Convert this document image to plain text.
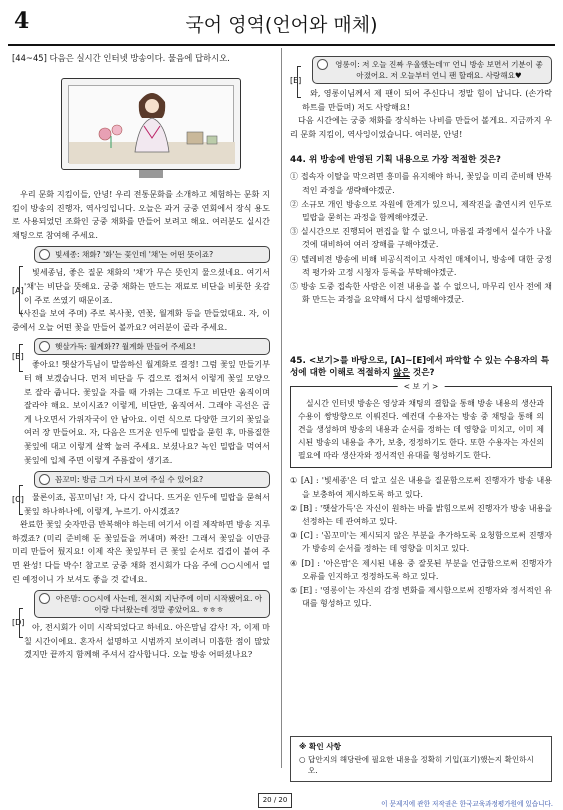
4	국어 영역(언어와 매체)
[44~45] 다음은 실시간 인터넷 방송이다. 물음에 답하시오.

우리 문화 지킴이들, 안녕! 우리 전통문화를 소개하고 체험하는 문화 지킴이 방송의 진행자, 역사잉입니다. 오늘은 과거 궁중 연회에서 장식 용도로 사용되었던 조화인 궁중 채화를 만들어 보려고 해요. 여러분도 실시간 채팅으로 참여해 주세요.

[A]
빛세종: 채화? '화'는 꽃인데 '채'는 어떤 뜻이죠?

빛세종님, 좋은 질문 채화의 '채'가 무슨 뜻인지 물으셨네요. 여기서 '채'는 비단을 뜻해요. 궁중 채화는 만드는 재료로 비단을 비롯한 옷감이 주로 쓰였기 때문이죠.

(사진을 보여 주며) 주로 복사꽃, 연꽃, 월계화 등을 만들었대요. 자, 이 중에서 오늘 어떤 꽃을 만들어 볼까요? 여러분이 골라 주세요.

[B]
햇살가득: 월계화?? 월계화 만들어 주세요!

좋아요! 햇살가득님이 말씀하신 월계화로 결정! 그럼 꽃잎 만들기부터 해 보겠습니다. 먼저 비단을 두 겹으로 접쳐서 이렇게 꽃잎 모양으로 잘라 줍니다. 꽃잎을 자를 때 가위는 그대로 두고 비단만 움직이며 잘라야 해요. 보이시죠? 이렇게, 비단만, 움직여서. 그래야 곡선은 곱게 나오면서 가위자국이 안 남아요. 이런 식으로 다양한 크기의 꽃잎을 여러 장 만들어요. 자, 다음은 뜨거운 인두에 밀랍을 묻힌 후, 마름질한 꽃잎에 대고 이렇게 살짝 눌러 주세요. 보셨나요? 녹인 밀랍을 먹여서 꽃잎에 입체 주면 이렇게 주름잡이 생기죠.

[C]
꼼꼬미: 방금 그거 다시 보여 주실 수 있어요?

물론이죠, 꼼꼬미님! 자, 다시 갑니다. 뜨거운 인두에 밀랍을 묻혀서 꽃잎 하나하나에, 이렇게, 누르기. 아시겠죠?

완료한 꽃잎 숫자만큼 반복해야 하는데 여기서 이걸 제작하면 방송 지루하겠죠? (미리 준비해 둔 꽃잎들을 꺼내며) 짜잔! 그래서 꽃잎을 이만큼 미리 만들어 뒀지요! 이제 작은 꽃잎부터 큰 꽃잎 순서로 겹겹이 붙여 주면 완성! 다들 박수! 참고로 궁중 채화 전시회가 다음 주에 ○○시에서 열린 예정이니 가 보셔도 좋을 것 같네요.

[D]
아은맘: ○○시에 사는데, 전시회 지난주에 이미 시작됐어요. 아이랑 다녀왔는데 정말 좋았어요. ㅎㅎㅎ

아, 전시회가 이미 시작되었다고 하네요. 아은맘님 감사! 자, 이제 마칠 시간이에요. 혼자서 설명하고 시범까지 보이려니 미흡한 점이 많았겠지만 끝까지 함께해 주셔서 감사합니다. 오늘 방송 어떠셨나요?

[E]
영롱이: 저 오늘 진짜 우울했는데ㅠ 언니 방송 보면서 기분이 좋아졌어요. 저 오늘부터 언니 팬 할래요. 사랑해요♥

와, 영롱이님께서 제 팬이 되어 주신다니 정말 힘이 납니다. (손가락 하트를 만들며) 저도 사랑해요!

다음 시간에는 궁중 채화를 장식하는 나비를 만들어 볼게요. 지금까지 우리 문화 지킴이, 역사잉이었습니다. 여러분, 안녕!

44. 위 방송에 반영된 기획 내용으로 가장 적절한 것은?
① 접속자 이탈을 막으려면 흥미를 유지해야 하니, 꽃잎을 미리 준비해 반복적인 과정을 생략해야겠군.
② 소규모 개인 방송으로 자원에 한계가 있으니, 제작진을 출연시켜 인두로 밀랍을 묻히는 과정을 함께해야겠군.
③ 실시간으로 진행되어 편집을 할 수 없으니, 마름질 과정에서 실수가 나올 것에 대비하여 여러 장해를 구해야겠군.
④ 텔레비전 방송에 비해 비공식적이고 사적인 매체이니, 방송에 대한 궁정적 평가와 고정 시청자 등록을 부탁해야겠군.
⑤ 방송 도중 접속한 사람은 이전 내용을 볼 수 없으니, 마무리 인사 전에 채화 만드는 과정을 요약해서 다시 설명해야겠군.
45. <보기>를 바탕으로, [A]~[E]에서 파악할 수 있는 수용자의 특성에 대한 이해로 적절하지 않은 것은?
< 보 기 >

실시간 인터넷 방송은 영상과 채팅의 결합을 통해 방송 내용의 생산과 수용이 쌍방향으로 이뤄진다. 예컨대 수용자는 방송 중 채팅을 통해 의견을 생성하며 방송의 내용과 순서를 정하는 데 영향을 미치고, 이미 제시된 방송의 내용을 추가, 보충, 정정하기도 한다. 또한 수용자는 자신의 필요에 따라 생산자와 정서적인 유대를 형성하기도 한다.

① [A] : '빛세종'은 더 알고 싶은 내용을 질문함으로써 진행자가 방송 내용을 보충하여 제시하도록 하고 있다.
② [B] : '햇살가득'은 자신이 원하는 바를 밝힘으로써 진행자가 방송 내용을 선정하는 데 관여하고 있다.
③ [C] : '꼼꼬미'는 제시되지 않은 부분을 추가하도록 요청함으로써 진행자가 방송의 순서를 정하는 데 영향을 미치고 있다.
④ [D] : '아은맘'은 제시된 내용 중 잘못된 부분을 언급함으로써 진행자가 오류를 인지하고 정정하도록 하고 있다.
⑤ [E] : '영롱이'는 자신의 감정 변화를 제시함으로써 진행자와 정서적인 유대를 형성하고 있다.
※ 확인 사항
○ 답안지의 해당란에 필요한 내용을 정확히 기입(표기)했는지 확인하시오.
20 / 20	이 문제지에 관한 저작권은 한국교육과정평가원에 있습니다.
